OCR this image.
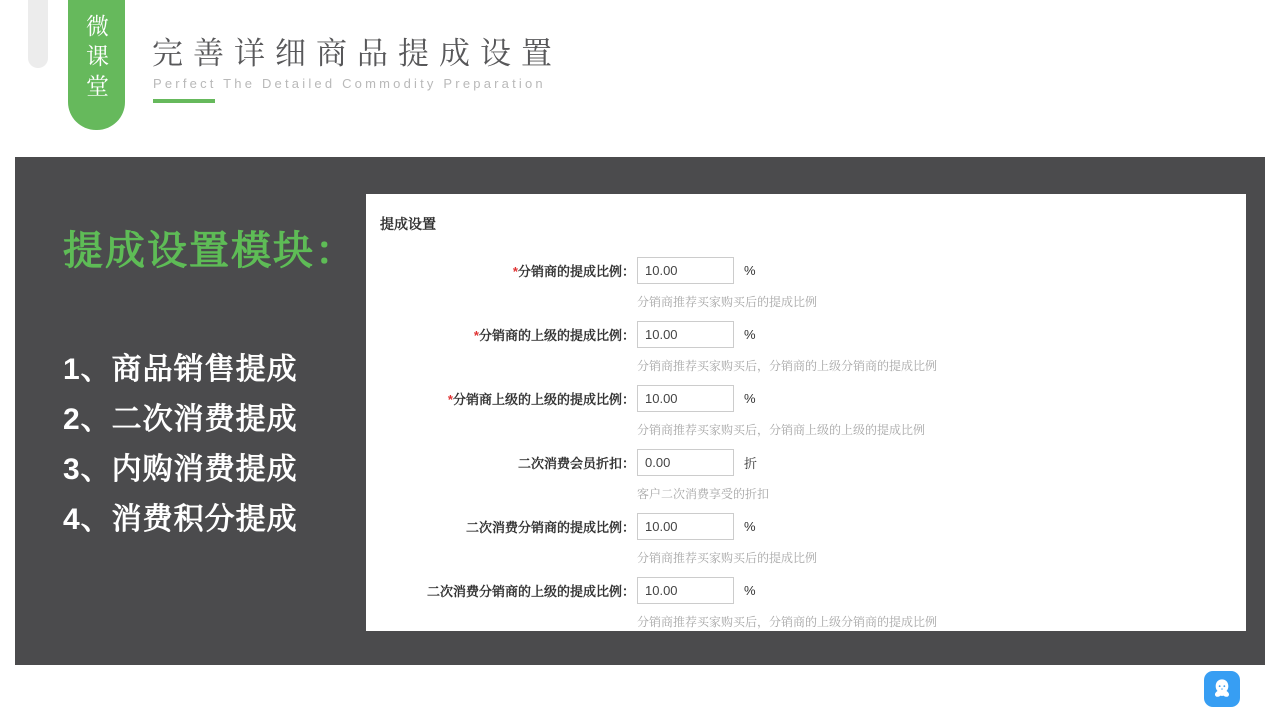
微课堂 完善详细商品提成设置
Perfect The Detailed Commodity Preparation
提成设置模块：
1、商品销售提成
2、二次消费提成
3、内购消费提成
4、消费积分提成
提成设置
*分销商的提成比例：
10.00	%
分销商推荐买家购买后的提成比例
*分销商的上级的提成比例：
10.00	%
分销商推荐买家购买后，分销商的上级分销商的提成比例
*分销商上级的上级的提成比例：
10.00	%
分销商推荐买家购买后，分销商上级的上级的提成比例
二次消费会员折扣：
0.00	折
客户二次消费享受的折扣
二次消费分销商的提成比例：
10.00	%
分销商推荐买家购买后的提成比例
二次消费分销商的上级的提成比例：
10.00	%
分销商推荐买家购买后，分销商的上级分销商的提成比例
